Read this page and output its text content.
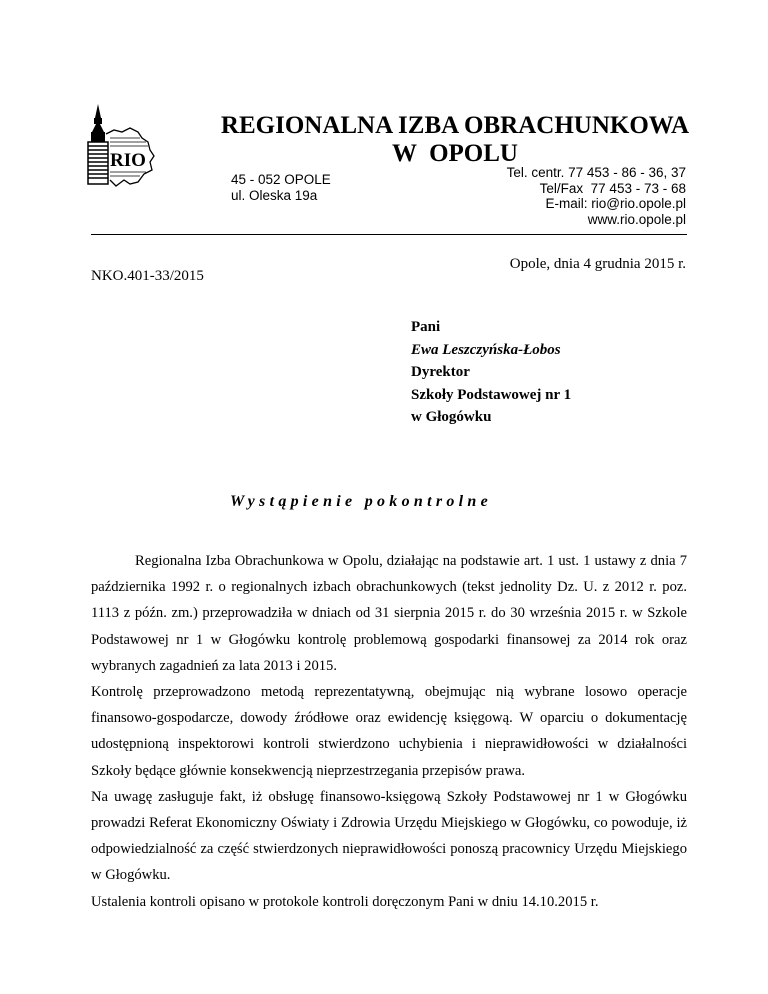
RIO
REGIONALNA IZBA OBRACHUNKOWA
W  OPOLU
45 - 052 OPOLE
ul. Oleska 19a
Tel. centr. 77 453 - 86 - 36, 37
Tel/Fax  77 453 - 73 - 68
E-mail: rio@rio.opole.pl
www.rio.opole.pl
Opole, dnia 4 grudnia 2015 r.
NKO.401-33/2015
Pani
Ewa Leszczyńska-Łobos
Dyrektor
Szkoły Podstawowej nr 1
w Głogówku
Wystąpienie pokontrolne

Regionalna Izba Obrachunkowa w Opolu, działając na podstawie art. 1 ust. 1 ustawy z dnia 7 października 1992 r. o regionalnych izbach obrachunkowych (tekst jednolity Dz. U. z 2012 r. poz. 1113 z późn. zm.) przeprowadziła w dniach od 31 sierpnia 2015 r. do 30 września 2015 r. w Szkole Podstawowej nr 1 w Głogówku kontrolę problemową gospodarki finansowej za 2014 rok oraz wybranych zagadnień za lata 2013 i 2015.

Kontrolę przeprowadzono metodą reprezentatywną, obejmując nią wybrane losowo operacje finansowo-gospodarcze, dowody źródłowe oraz ewidencję księgową. W oparciu o dokumentację udostępnioną inspektorowi kontroli stwierdzono uchybienia i nieprawidłowości w działalności Szkoły będące głównie konsekwencją nieprzestrzegania przepisów prawa.

Na uwagę zasługuje fakt, iż obsługę finansowo-księgową Szkoły Podstawowej nr 1 w Głogówku prowadzi Referat Ekonomiczny Oświaty i Zdrowia Urzędu Miejskiego w Głogówku, co powoduje, iż odpowiedzialność za część stwierdzonych nieprawidłowości ponoszą pracownicy Urzędu Miejskiego w Głogówku.

Ustalenia kontroli opisano w protokole kontroli doręczonym Pani w dniu 14.10.2015 r.
